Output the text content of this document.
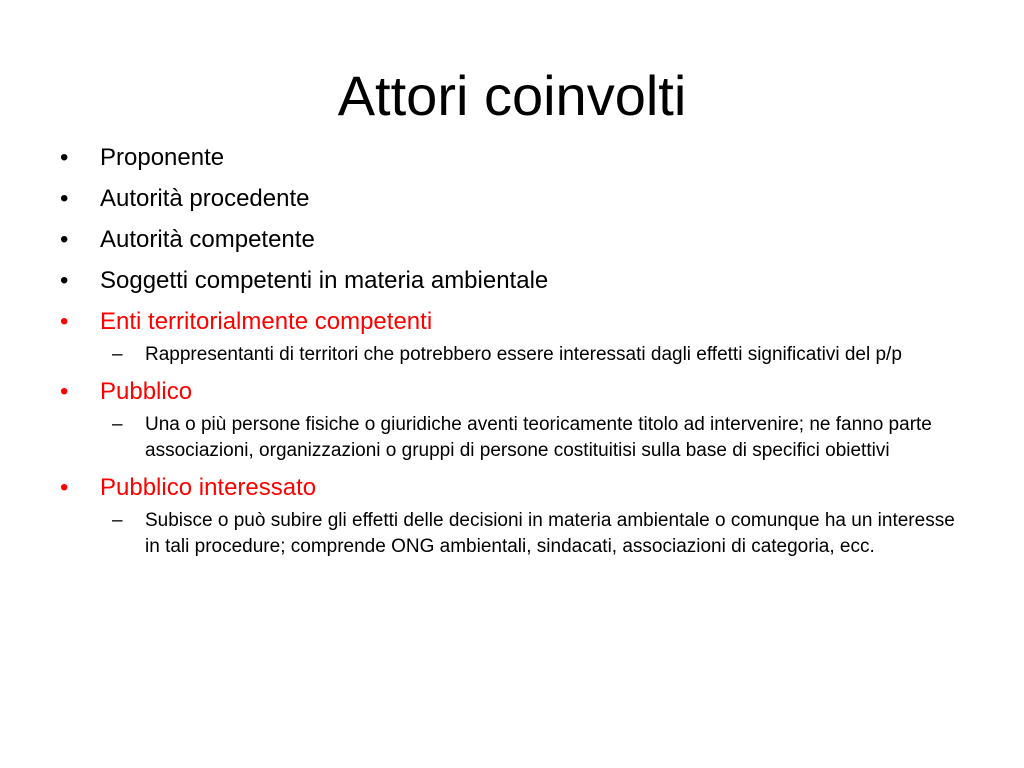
Attori coinvolti
•	Proponente
•	Autorità procedente
•	Autorità competente
•	Soggetti competenti in materia ambientale
•	Enti territorialmente competenti
– Rappresentanti di territori che potrebbero essere interessati dagli effetti significativi del p/p
•	Pubblico
– Una o più persone fisiche o giuridiche aventi teoricamente titolo ad intervenire; ne fanno parte associazioni, organizzazioni o gruppi di persone costituitisi sulla base di specifici obiettivi
•	Pubblico interessato
– Subisce o può subire gli effetti delle decisioni in materia ambientale o comunque ha un interesse in tali procedure; comprende ONG ambientali, sindacati, associazioni di categoria, ecc.
